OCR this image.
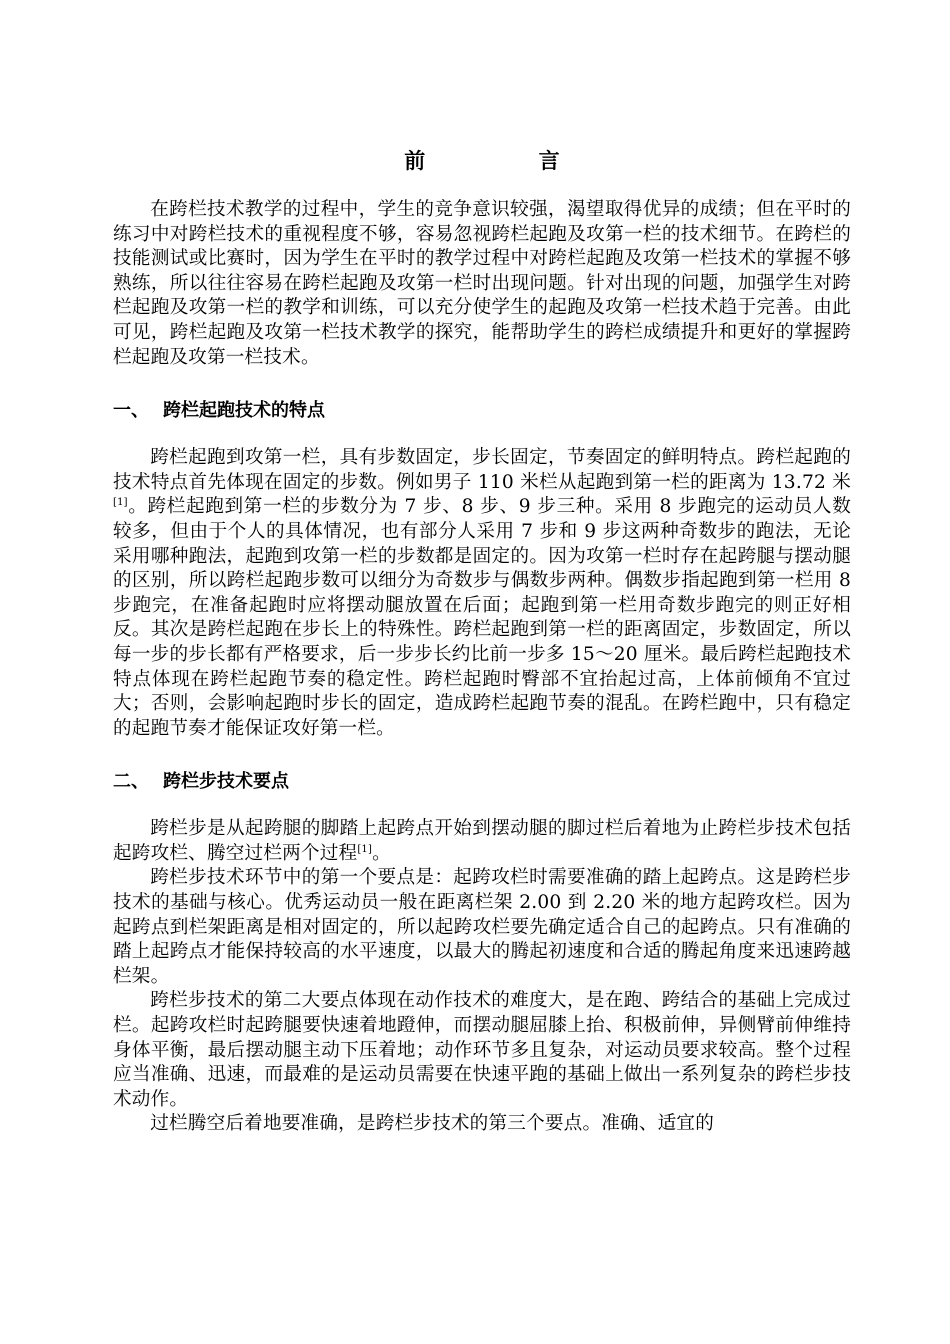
前　言

在跨栏技术教学的过程中，学生的竞争意识较强，渴望取得优异的成绩；但在平时的练习中对跨栏技术的重视程度不够，容易忽视跨栏起跑及攻第一栏的技术细节。在跨栏的技能测试或比赛时，因为学生在平时的教学过程中对跨栏起跑及攻第一栏技术的掌握不够熟练，所以往往容易在跨栏起跑及攻第一栏时出现问题。针对出现的问题，加强学生对跨栏起跑及攻第一栏的教学和训练，可以充分使学生的起跑及攻第一栏技术趋于完善。由此可见，跨栏起跑及攻第一栏技术教学的探究，能帮助学生的跨栏成绩提升和更好的掌握跨栏起跑及攻第一栏技术。

一、 跨栏起跑技术的特点

跨栏起跑到攻第一栏，具有步数固定，步长固定，节奏固定的鲜明特点。跨栏起跑的技术特点首先体现在固定的步数。例如男子 110 米栏从起跑到第一栏的距离为 13.72 米[1]。跨栏起跑到第一栏的步数分为 7 步、8 步、9 步三种。采用 8 步跑完的运动员人数较多，但由于个人的具体情况，也有部分人采用 7 步和 9 步这两种奇数步的跑法，无论采用哪种跑法，起跑到攻第一栏的步数都是固定的。因为攻第一栏时存在起跨腿与摆动腿的区别，所以跨栏起跑步数可以细分为奇数步与偶数步两种。偶数步指起跑到第一栏用 8 步跑完，在准备起跑时应将摆动腿放置在后面；起跑到第一栏用奇数步跑完的则正好相反。其次是跨栏起跑在步长上的特殊性。跨栏起跑到第一栏的距离固定，步数固定，所以每一步的步长都有严格要求，后一步步长约比前一步多 15～20 厘米。最后跨栏起跑技术特点体现在跨栏起跑节奏的稳定性。跨栏起跑时臀部不宜抬起过高，上体前倾角不宜过大；否则，会影响起跑时步长的固定，造成跨栏起跑节奏的混乱。在跨栏跑中，只有稳定的起跑节奏才能保证攻好第一栏。

二、 跨栏步技术要点

跨栏步是从起跨腿的脚踏上起跨点开始到摆动腿的脚过栏后着地为止跨栏步技术包括起跨攻栏、腾空过栏两个过程[1]。

跨栏步技术环节中的第一个要点是：起跨攻栏时需要准确的踏上起跨点。这是跨栏步技术的基础与核心。优秀运动员一般在距离栏架 2.00 到 2.20 米的地方起跨攻栏。因为起跨点到栏架距离是相对固定的，所以起跨攻栏要先确定适合自己的起跨点。只有准确的踏上起跨点才能保持较高的水平速度，以最大的腾起初速度和合适的腾起角度来迅速跨越栏架。

跨栏步技术的第二大要点体现在动作技术的难度大，是在跑、跨结合的基础上完成过栏。起跨攻栏时起跨腿要快速着地蹬伸，而摆动腿屈膝上抬、积极前伸，异侧臂前伸维持身体平衡，最后摆动腿主动下压着地；动作环节多且复杂，对运动员要求较高。整个过程应当准确、迅速，而最难的是运动员需要在快速平跑的基础上做出一系列复杂的跨栏步技术动作。

过栏腾空后着地要准确，是跨栏步技术的第三个要点。准确、适宜的
